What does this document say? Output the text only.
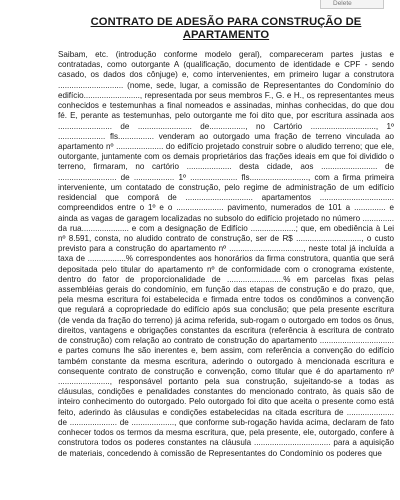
Delete
CONTRATO DE ADESÃO PARA CONSTRUÇÃO DE
APARTAMENTO

Saibam, etc. (introdução conforme modelo geral), compareceram partes justas e contratadas, como outorgante A (qualificação, documento de identidade e CPF - sendo casado, os dados dos cônjuge) e, como intervenientes, em primeiro lugar a construtora ............................. (nome, sede, lugar, a comissão de Representantes do Condomínio do edifício........................., representada por seus membros F., G. e H., os representantes meus conhecidos e testemunhas a final nomeados e assinadas, minhas conhecidas, do que dou fé. E, perante as testemunhas, pelo outorgante me foi dito que, por escritura assinada aos ........................ de ........................ de................, no Cartório ............................., 1º ..................... fls................ venderam ao outorgado uma fração de terreno vinculada ao apartamento nº ..................... do edifício projetado construir sobre o aludido terreno; que ele, outorgante, juntamente com os demais proprietários das frações ideais em que foi dividido o terreno, firmaram, no cartório .................... desta cidade, aos ......................... de .......................... de .................. 1º ..................... fls.........................., com a firma primeira interveniente, um contatado de construção, pelo regime de administração de um edifício residencial que comporá de .............................. apartamentos ................................. compreendidos entre o 1º e o ..................... pavimento, numerados de 101 a .............. e ainda as vagas de garagem localizadas no subsolo do edifício projetado no número .............. da rua..................... e com a designação de Edifício ....................; que, em obediência à Lei nº 8.591, consta, no aludido contrato de construção, ser de R$ ............................., o custo previsto para a construção do apartamento nº ................................., neste total já incluída a taxa de .................% correspondentes aos honorários da firma construtora, quantia que será depositada pelo titular do apartamento nº de conformidade com o cronograma existente, dentro do fator de proporcionalidade de .........................% em parcelas fixas pelas assembléias gerais do condomínio, em função das etapas de construção e do prazo, que, pela mesma escritura foi estabelecida e firmada entre todos os condôminos a convenção que regulará a copropriedade do edifício após sua conclusão; que pela presente escritura (de venda da fração do terreno) já acima referida, sub-rogam o outorgado em todos os ônus, direitos, vantagens e obrigações constantes da escritura (referência à escritura de contrato de construção) com relação ao contrato de construção do apartamento ................................. e partes comuns lhe são inerentes e, bem assim, com referência a convenção do edifício também constante da mesma escritura, aderindo o outorgado à mencionada escritura e consequente contrato de construção e convenção, como titular que é do apartamento nº ......................., responsável portanto pela sua construção, sujeitando-se a todas as cláusulas, condições e penalidades constantes do mencionado contrato, às quais são de inteiro conhecimento do outorgado. Pelo outorgado foi dito que aceita o presente como está feito, aderindo às cláusulas e condições estabelecidas na citada escritura de ..................... de ..................... de ..................., que conforme sub-rogação havida acima, declaram de fato conhecer todos os termos da mesma escritura, que, pela presente, ele, outorgado, confere à construtora todos os poderes constantes na cláusula .................................. para a aquisição de materiais, concedendo à comissão de Representantes do Condomínio os poderes que
